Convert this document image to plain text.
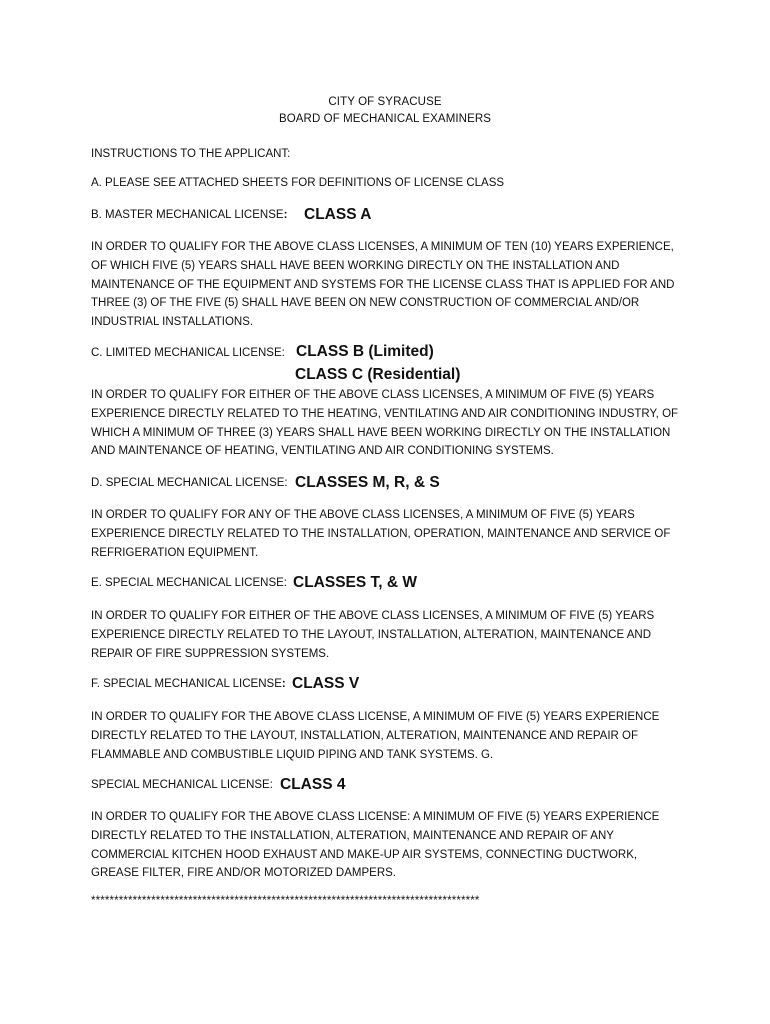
CITY OF SYRACUSE
BOARD OF MECHANICAL EXAMINERS
INSTRUCTIONS TO THE APPLICANT:
A. PLEASE SEE ATTACHED SHEETS FOR DEFINITIONS OF LICENSE CLASS
B. MASTER MECHANICAL LICENSE: CLASS A
IN ORDER TO QUALIFY FOR THE ABOVE CLASS LICENSES, A MINIMUM OF TEN (10) YEARS EXPERIENCE,
OF WHICH FIVE (5) YEARS SHALL HAVE BEEN WORKING DIRECTLY ON THE INSTALLATION AND
MAINTENANCE OF THE EQUIPMENT AND SYSTEMS FOR THE LICENSE CLASS THAT IS APPLIED FOR AND
THREE (3) OF THE FIVE (5) SHALL HAVE BEEN ON NEW CONSTRUCTION OF COMMERCIAL AND/OR
INDUSTRIAL INSTALLATIONS.
C. LIMITED MECHANICAL LICENSE: CLASS B (Limited)
CLASS C (Residential)
IN ORDER TO QUALIFY FOR EITHER OF THE ABOVE CLASS LICENSES, A MINIMUM OF FIVE (5) YEARS
EXPERIENCE DIRECTLY RELATED TO THE HEATING, VENTILATING AND AIR CONDITIONING INDUSTRY, OF
WHICH A MINIMUM OF THREE (3) YEARS SHALL HAVE BEEN WORKING DIRECTLY ON THE INSTALLATION
AND MAINTENANCE OF HEATING, VENTILATING AND AIR CONDITIONING SYSTEMS.
D. SPECIAL MECHANICAL LICENSE: CLASSES M, R, & S
IN ORDER TO QUALIFY FOR ANY OF THE ABOVE CLASS LICENSES, A MINIMUM OF FIVE (5) YEARS
EXPERIENCE DIRECTLY RELATED TO THE INSTALLATION, OPERATION, MAINTENANCE AND SERVICE OF
REFRIGERATION EQUIPMENT.
E. SPECIAL MECHANICAL LICENSE: CLASSES T, & W
IN ORDER TO QUALIFY FOR EITHER OF THE ABOVE CLASS LICENSES, A MINIMUM OF FIVE (5) YEARS
EXPERIENCE DIRECTLY RELATED TO THE LAYOUT, INSTALLATION, ALTERATION, MAINTENANCE AND
REPAIR OF FIRE SUPPRESSION SYSTEMS.
F. SPECIAL MECHANICAL LICENSE: CLASS V
IN ORDER TO QUALIFY FOR THE ABOVE CLASS LICENSE, A MINIMUM OF FIVE (5) YEARS EXPERIENCE
DIRECTLY RELATED TO THE LAYOUT, INSTALLATION, ALTERATION, MAINTENANCE AND REPAIR OF
FLAMMABLE AND COMBUSTIBLE LIQUID PIPING AND TANK SYSTEMS. G.
SPECIAL MECHANICAL LICENSE: CLASS 4
IN ORDER TO QUALIFY FOR THE ABOVE CLASS LICENSE: A MINIMUM OF FIVE (5) YEARS EXPERIENCE
DIRECTLY RELATED TO THE INSTALLATION, ALTERATION, MAINTENANCE AND REPAIR OF ANY
COMMERCIAL KITCHEN HOOD EXHAUST AND MAKE-UP AIR SYSTEMS, CONNECTING DUCTWORK,
GREASE FILTER, FIRE AND/OR MOTORIZED DAMPERS.
************************************************************************************
